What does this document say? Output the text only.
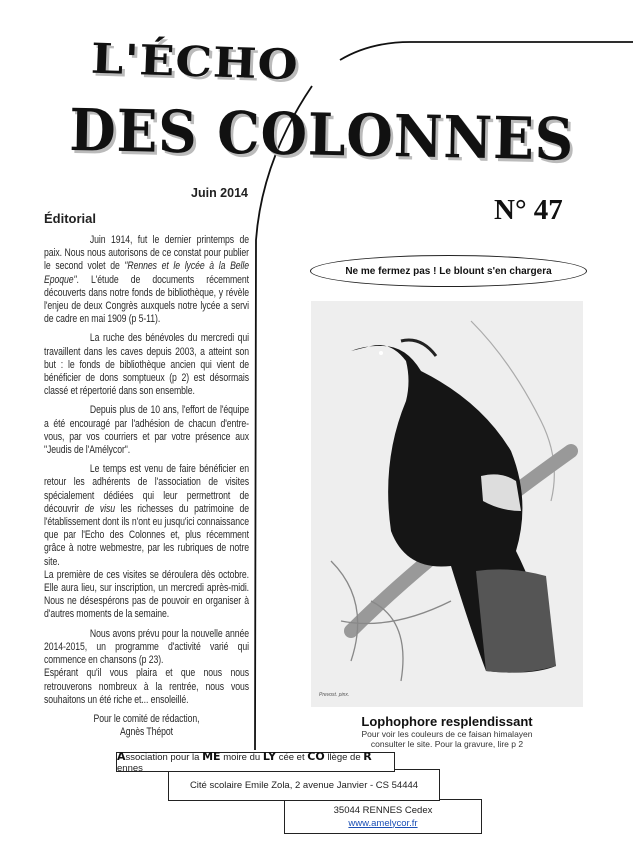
L'ÉCHO
DES COLONNES
Juin 2014
Éditorial

Juin 1914, fut le dernier printemps de paix. Nous nous autorisons de ce constat pour publier le second volet de "Rennes et le lycée à la Belle Epoque". L'étude de documents récemment découverts dans notre fonds de bibliothèque, y révèle l'enjeu de deux Congrès auxquels notre lycée a servi de cadre en mai 1909 (p 5-11).

La ruche des bénévoles du mercredi qui travaillent dans les caves depuis 2003, a atteint son but : le fonds de bibliothèque ancien qui vient de bénéficier de dons somptueux (p 2) est désormais classé et répertorié dans son ensemble.

Depuis plus de 10 ans, l'effort de l'équipe a été encouragé par l'adhésion de chacun d'entre-vous, par vos courriers et par votre présence aux "Jeudis de l'Amélycor".

Le temps est venu de faire bénéficier en retour les adhérents de l'association de visites spécialement dédiées qui leur permettront de découvrir de visu les richesses du patrimoine de l'établissement dont ils n'ont eu jusqu'ici connaissance que par l'Echo des Colonnes et, plus récemment grâce à notre webmestre, par les rubriques de notre site.

La première de ces visites se déroulera dès octobre. Elle aura lieu, sur inscription, un mercredi après-midi. Nous ne désespérons pas de pouvoir en organiser à d'autres moments de la semaine.

Nous avons prévu pour la nouvelle année 2014-2015, un programme d'activité varié qui commence en chansons (p 23).

Espérant qu'il vous plaira et que nous nous retrouverons nombreux à la rentrée, nous vous souhaitons un été riche et... ensoleillé.

Pour le comité de rédaction,
Agnès Thépot
N° 47
Ne me fermez pas ! Le blount s'en chargera
Prevost. pinx.
Lophophore resplendissant
Pour voir les couleurs de ce faisan himalayen
consulter le site. Pour la gravure, lire p 2
Association pour la ME moire du LY cée et CO llège de R ennes
Cité scolaire Emile Zola, 2 avenue Janvier - CS 54444
35044 RENNES Cedex
www.amelycor.fr
